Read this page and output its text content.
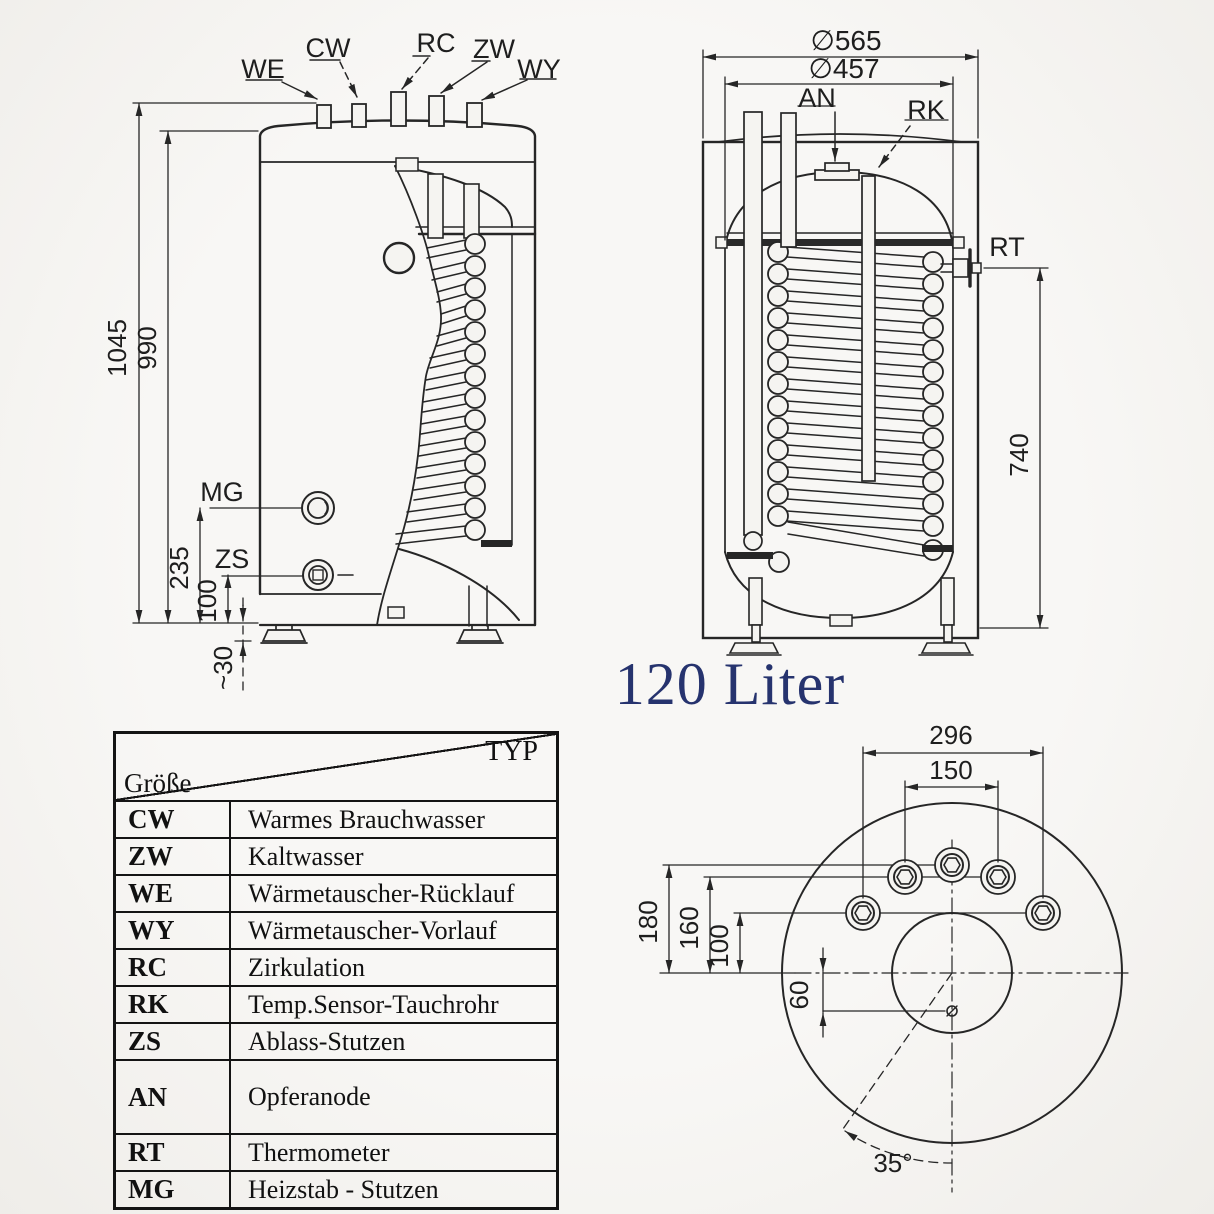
WE
CW RC ZW
WY
MG
ZS
1045 990
235
100
~30
∅565
∅457
AN	RK
RT
740
296
150
180 160 100
60
35°
120 Liter
TYP
Größe
CW	Warmes Brauchwasser
ZW	Kaltwasser
WE	Wärmetauscher-Rücklauf
WY	Wärmetauscher-Vorlauf
RC	Zirkulation
RK	Temp.Sensor-Tauchrohr
ZS	Ablass-Stutzen
AN	Opferanode
RT	Thermometer
MG	Heizstab - Stutzen
